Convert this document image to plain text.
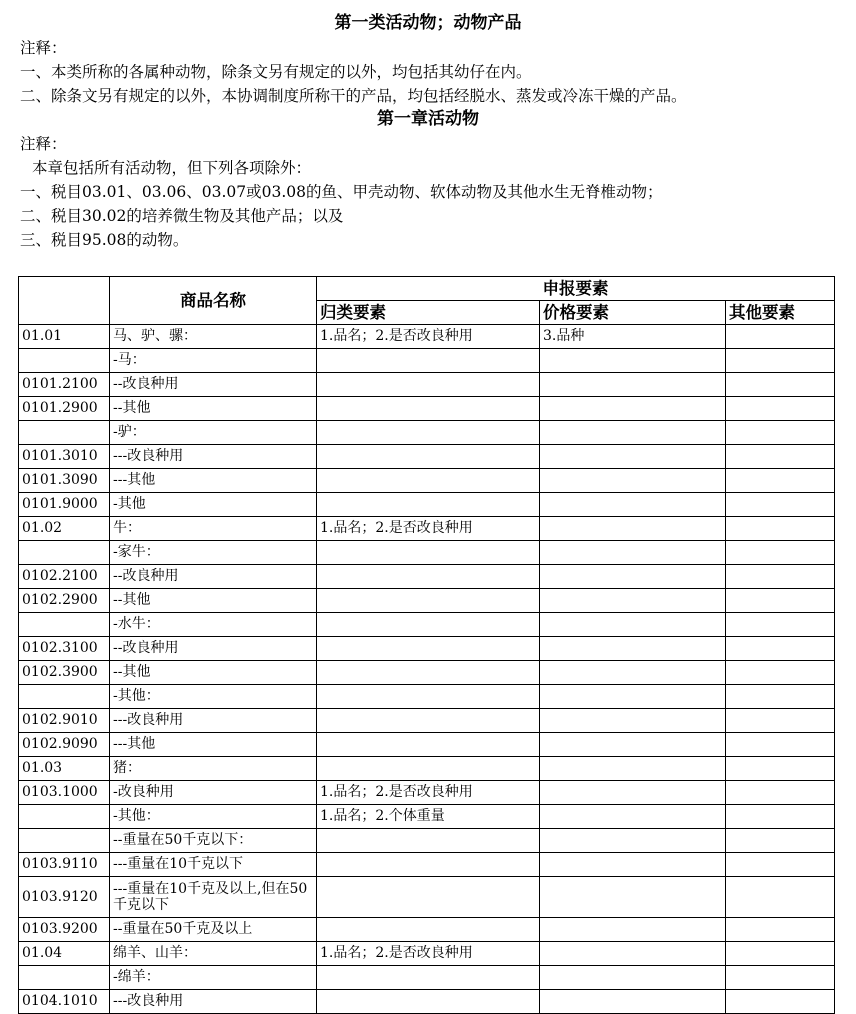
第一类活动物；动物产品
注释：
一、本类所称的各属种动物，除条文另有规定的以外，均包括其幼仔在内。
二、除条文另有规定的以外，本协调制度所称干的产品，均包括经脱水、蒸发或冷冻干燥的产品。
第一章活动物
注释：
本章包括所有活动物，但下列各项除外：
一、税目03.01、03.06、03.07或03.08的鱼、甲壳动物、软体动物及其他水生无脊椎动物；
二、税目30.02的培养微生物及其他产品；以及
三、税目95.08的动物。
	商品名称	申报要素		
		归类要素	价格要素	其他要素
01.01	马、驴、骡：	1.品名；2.是否改良种用	3.品种	
	-马：			
0101.2100	--改良种用			
0101.2900	--其他			
	-驴：			
0101.3010	---改良种用			
0101.3090	---其他			
0101.9000	-其他			
01.02	牛：	1.品名；2.是否改良种用		
	-家牛：			
0102.2100	--改良种用			
0102.2900	--其他			
	-水牛：			
0102.3100	--改良种用			
0102.3900	--其他			
	-其他：			
0102.9010	---改良种用			
0102.9090	---其他			
01.03	猪：			
0103.1000	-改良种用	1.品名；2.是否改良种用		
	-其他：	1.品名；2.个体重量		
	--重量在50千克以下：			
0103.9110	---重量在10千克以下			
0103.9120	---重量在10千克及以上,但在50千克以下			
0103.9200	--重量在50千克及以上			
01.04	绵羊、山羊：	1.品名；2.是否改良种用		
	-绵羊：			
0104.1010	---改良种用			
